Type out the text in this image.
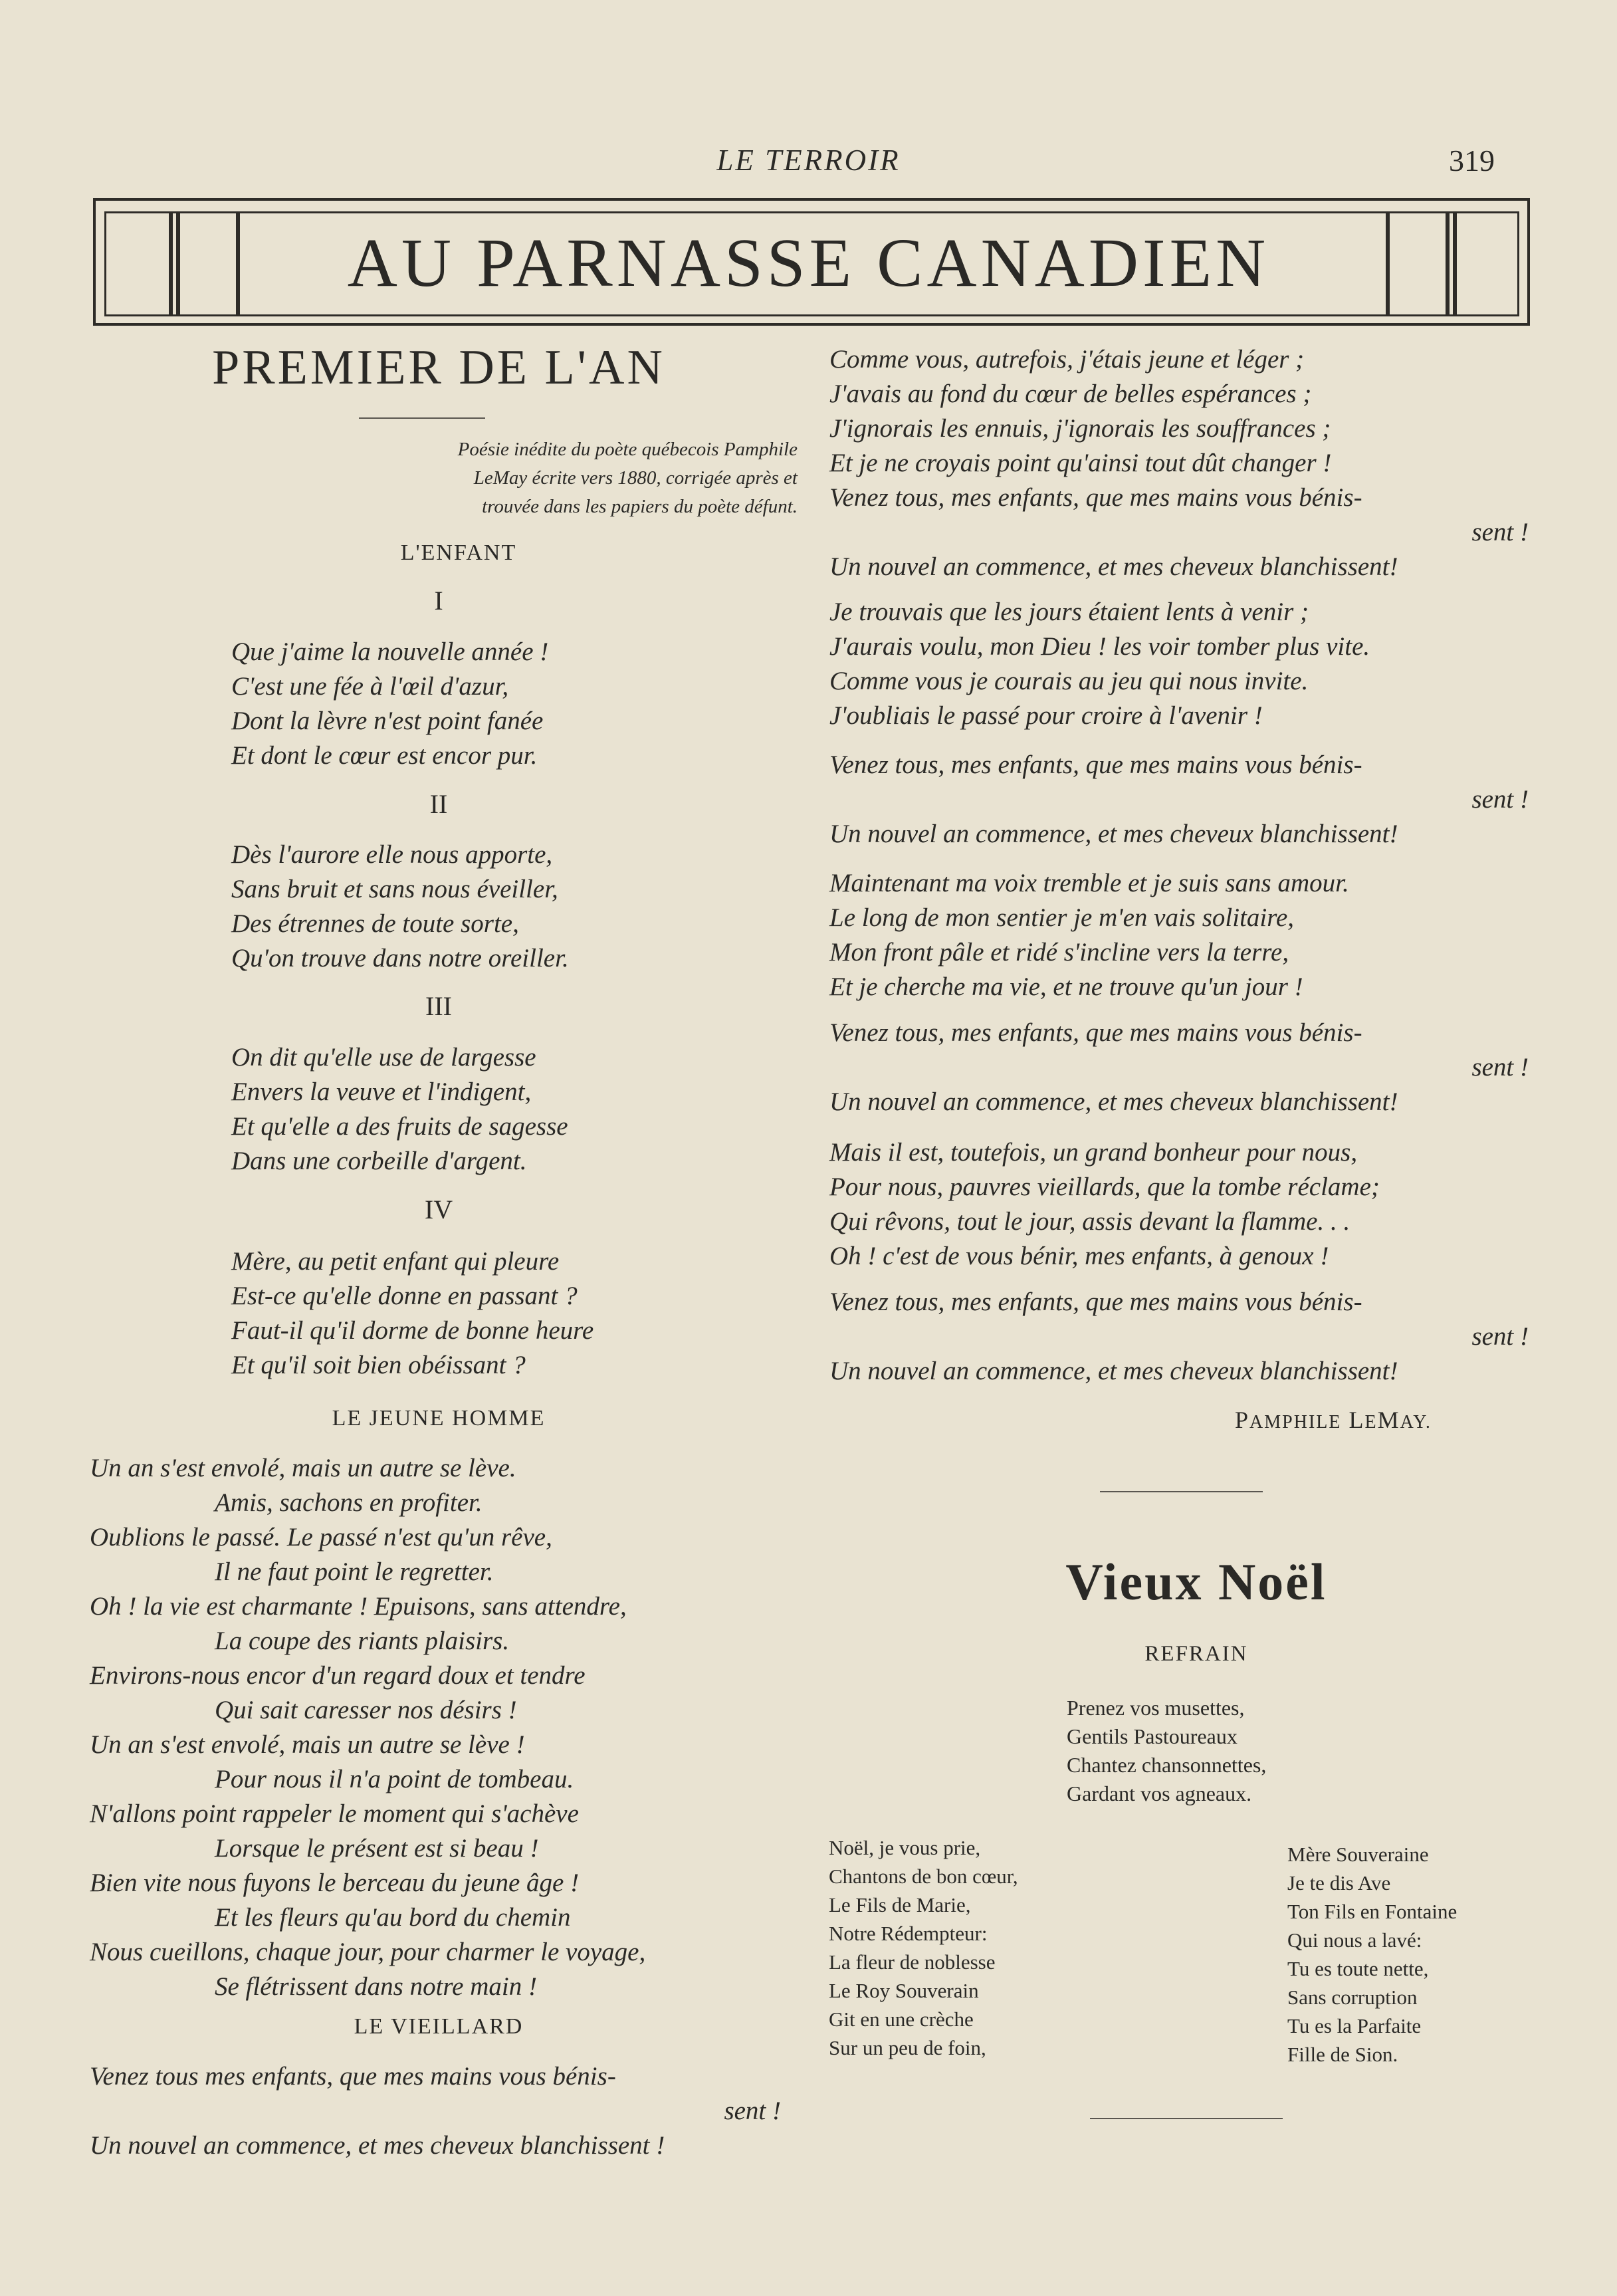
LE TERROIR	319
AU PARNASSE CANADIEN
PREMIER DE L'AN
Poésie inédite du poète québecois Pamphile
LeMay écrite vers 1880, corrigée après et
trouvée dans les papiers du poète défunt.
L'ENFANT
I
Que j'aime la nouvelle année !
C'est une fée à l'œil d'azur,
Dont la lèvre n'est point fanée
Et dont le cœur est encor pur.
II
Dès l'aurore elle nous apporte,
Sans bruit et sans nous éveiller,
Des étrennes de toute sorte,
Qu'on trouve dans notre oreiller.
III
On dit qu'elle use de largesse
Envers la veuve et l'indigent,
Et qu'elle a des fruits de sagesse
Dans une corbeille d'argent.
IV
Mère, au petit enfant qui pleure
Est-ce qu'elle donne en passant ?
Faut-il qu'il dorme de bonne heure
Et qu'il soit bien obéissant ?
LE JEUNE HOMME
Un an s'est envolé, mais un autre se lève.
Amis, sachons en profiter.
Oublions le passé. Le passé n'est qu'un rêve,
Il ne faut point le regretter.
Oh ! la vie est charmante ! Epuisons, sans attendre,
La coupe des riants plaisirs.
Environs-nous encor d'un regard doux et tendre
Qui sait caresser nos désirs !
Un an s'est envolé, mais un autre se lève !
Pour nous il n'a point de tombeau.
N'allons point rappeler le moment qui s'achève
Lorsque le présent est si beau !
Bien vite nous fuyons le berceau du jeune âge !
Et les fleurs qu'au bord du chemin
Nous cueillons, chaque jour, pour charmer le voyage,
Se flétrissent dans notre main !
LE VIEILLARD
Venez tous mes enfants, que mes mains vous bénis-
sent !
Un nouvel an commence, et mes cheveux blanchissent !
Comme vous, autrefois, j'étais jeune et léger ;
J'avais au fond du cœur de belles espérances ;
J'ignorais les ennuis, j'ignorais les souffrances ;
Et je ne croyais point qu'ainsi tout dût changer !
Venez tous, mes enfants, que mes mains vous bénis-
sent !
Un nouvel an commence, et mes cheveux blanchissent!
Je trouvais que les jours étaient lents à venir ;
J'aurais voulu, mon Dieu ! les voir tomber plus vite.
Comme vous je courais au jeu qui nous invite.
J'oubliais le passé pour croire à l'avenir !
Venez tous, mes enfants, que mes mains vous bénis-
sent !
Un nouvel an commence, et mes cheveux blanchissent!
Maintenant ma voix tremble et je suis sans amour.
Le long de mon sentier je m'en vais solitaire,
Mon front pâle et ridé s'incline vers la terre,
Et je cherche ma vie, et ne trouve qu'un jour !
Venez tous, mes enfants, que mes mains vous bénis-
sent !
Un nouvel an commence, et mes cheveux blanchissent!
Mais il est, toutefois, un grand bonheur pour nous,
Pour nous, pauvres vieillards, que la tombe réclame;
Qui rêvons, tout le jour, assis devant la flamme. . .
Oh ! c'est de vous bénir, mes enfants, à genoux !
Venez tous, mes enfants, que mes mains vous bénis-
sent !
Un nouvel an commence, et mes cheveux blanchissent!
PAMPHILE LEMAY.
Vieux Noël
REFRAIN
Prenez vos musettes,
Gentils Pastoureaux
Chantez chansonnettes,
Gardant vos agneaux.
Noël, je vous prie,
Chantons de bon cœur,
Le Fils de Marie,
Notre Rédempteur:
La fleur de noblesse
Le Roy Souverain
Git en une crèche
Sur un peu de foin,
Mère Souveraine
Je te dis Ave
Ton Fils en Fontaine
Qui nous a lavé:
Tu es toute nette,
Sans corruption
Tu es la Parfaite
Fille de Sion.
